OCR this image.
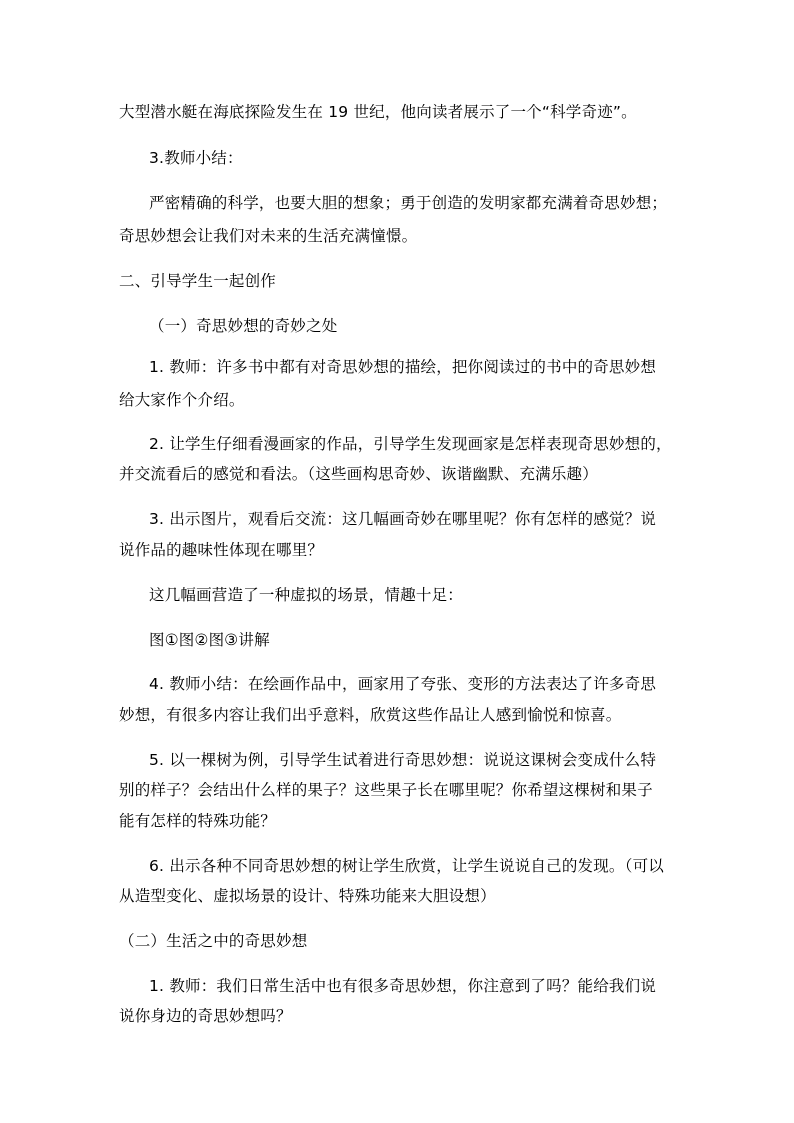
大型潜水艇在海底探险发生在 19 世纪，他向读者展示了一个“科学奇迹”。
3.教师小结：
严密精确的科学，也要大胆的想象；勇于创造的发明家都充满着奇思妙想；
奇思妙想会让我们对未来的生活充满憧憬。
二、引导学生一起创作
（一）奇思妙想的奇妙之处
1. 教师：许多书中都有对奇思妙想的描绘，把你阅读过的书中的奇思妙想
给大家作个介绍。
2. 让学生仔细看漫画家的作品，引导学生发现画家是怎样表现奇思妙想的，
并交流看后的感觉和看法。（这些画构思奇妙、诙谐幽默、充满乐趣）
3. 出示图片，观看后交流：这几幅画奇妙在哪里呢？你有怎样的感觉？说
说作品的趣味性体现在哪里？
这几幅画营造了一种虚拟的场景，情趣十足：
图①图②图③讲解
4. 教师小结：在绘画作品中，画家用了夸张、变形的方法表达了许多奇思
妙想，有很多内容让我们出乎意料，欣赏这些作品让人感到愉悦和惊喜。
5. 以一棵树为例，引导学生试着进行奇思妙想：说说这课树会变成什么特
别的样子？会结出什么样的果子？这些果子长在哪里呢？你希望这棵树和果子
能有怎样的特殊功能？
6. 出示各种不同奇思妙想的树让学生欣赏，让学生说说自己的发现。（可以
从造型变化、虚拟场景的设计、特殊功能来大胆设想）
（二）生活之中的奇思妙想
1. 教师：我们日常生活中也有很多奇思妙想，你注意到了吗？能给我们说
说你身边的奇思妙想吗？
